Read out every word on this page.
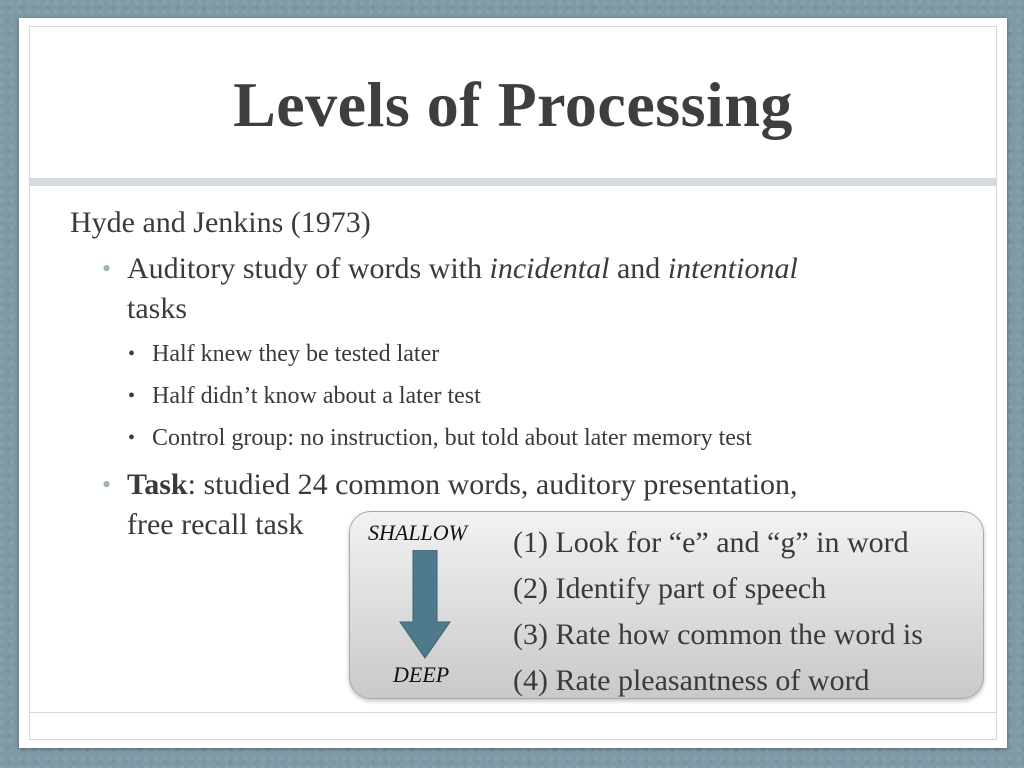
Levels of Processing
Hyde and Jenkins (1973)
• Auditory study of words with incidental and intentional
tasks
• Half knew they be tested later
• Half didn’t know about a later test
• Control group: no instruction, but told about later memory test
• Task: studied 24 common words, auditory presentation,
free recall task	SHALLOW
DEEP
(1) Look for “e” and “g” in word
(2) Identify part of speech
(3) Rate how common the word is
(4) Rate pleasantness of word
